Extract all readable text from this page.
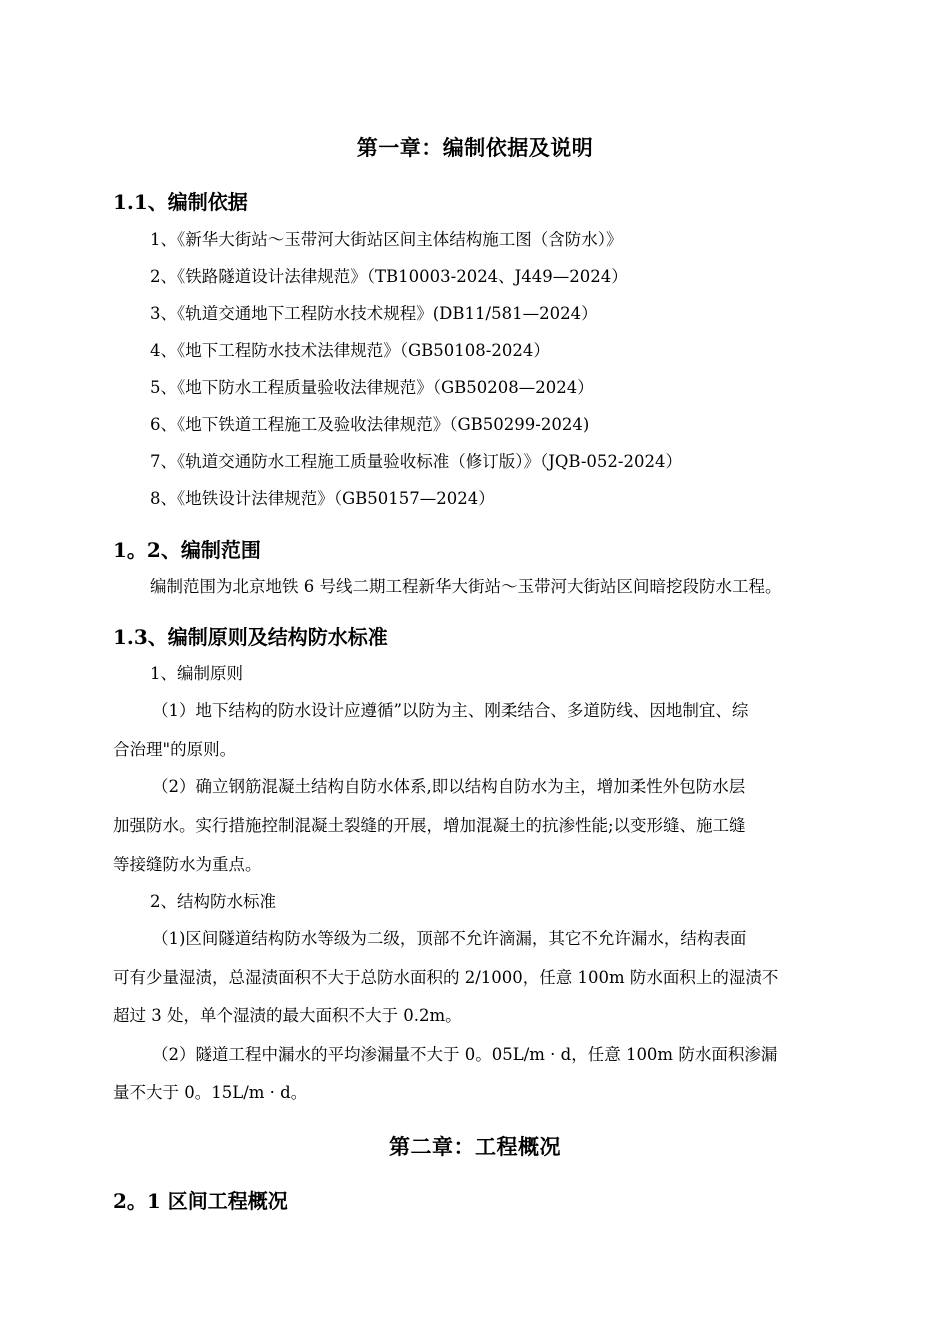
第一章：编制依据及说明
1.1、编制依据
1、《新华大街站～玉带河大街站区间主体结构施工图（含防水）》
2、《铁路隧道设计法律规范》（TB10003-2024、J449—2024）
3、《轨道交通地下工程防水技术规程》(DB11/581—2024）
4、《地下工程防水技术法律规范》（GB50108-2024）
5、《地下防水工程质量验收法律规范》（GB50208—2024）
6、《地下铁道工程施工及验收法律规范》（GB50299-2024)
7、《轨道交通防水工程施工质量验收标准（修订版）》（JQB-052-2024）
8、《地铁设计法律规范》（GB50157—2024）
1。2、编制范围
编制范围为北京地铁 6 号线二期工程新华大街站～玉带河大街站区间暗挖段防水工程。
1.3、编制原则及结构防水标准
1、编制原则
（1）地下结构的防水设计应遵循”以防为主、刚柔结合、多道防线、因地制宜、综
合治理"的原则。
（2）确立钢筋混凝土结构自防水体系,即以结构自防水为主，增加柔性外包防水层
加强防水。实行措施控制混凝土裂缝的开展，增加混凝土的抗渗性能;以变形缝、施工缝
等接缝防水为重点。
2、结构防水标准
（1)区间隧道结构防水等级为二级，顶部不允许滴漏，其它不允许漏水，结构表面
可有少量湿渍，总湿渍面积不大于总防水面积的 2/1000，任意 100m 防水面积上的湿渍不
超过 3 处，单个湿渍的最大面积不大于 0.2m。
（2）隧道工程中漏水的平均渗漏量不大于 0。05L/m · d，任意 100m 防水面积渗漏
量不大于 0。15L/m · d。
第二章：工程概况
2。1 区间工程概况
